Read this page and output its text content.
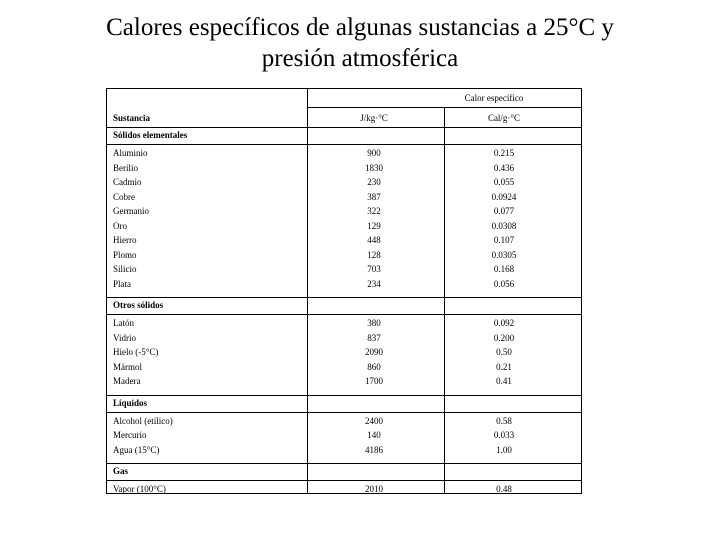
Calores específicos de algunas sustancias a 25°C y
presión atmosférica
Calor específico
Sustancia	J/kg·°C	Cal/g·°C
Sólidos elementales
Aluminio	900	0.215
Berilio	1830	0.436
Cadmio	230	0.055
Cobre	387	0.0924
Germanio	322	0.077
Oro	129	0.0308
Hierro	448	0.107
Plomo	128	0.0305
Silicio	703	0.168
Plata	234	0.056
Otros sólidos
Latón	380	0.092
Vidrio	837	0.200
Hielo (-5°C)	2090	0.50
Mármol	860	0.21
Madera	1700	0.41
Líquidos
Alcohol (etílico)	2400	0.58
Mercurio	140	0.033
Agua (15°C)	4186	1.00
Gas
Vapor (100°C)	2010	0.48
